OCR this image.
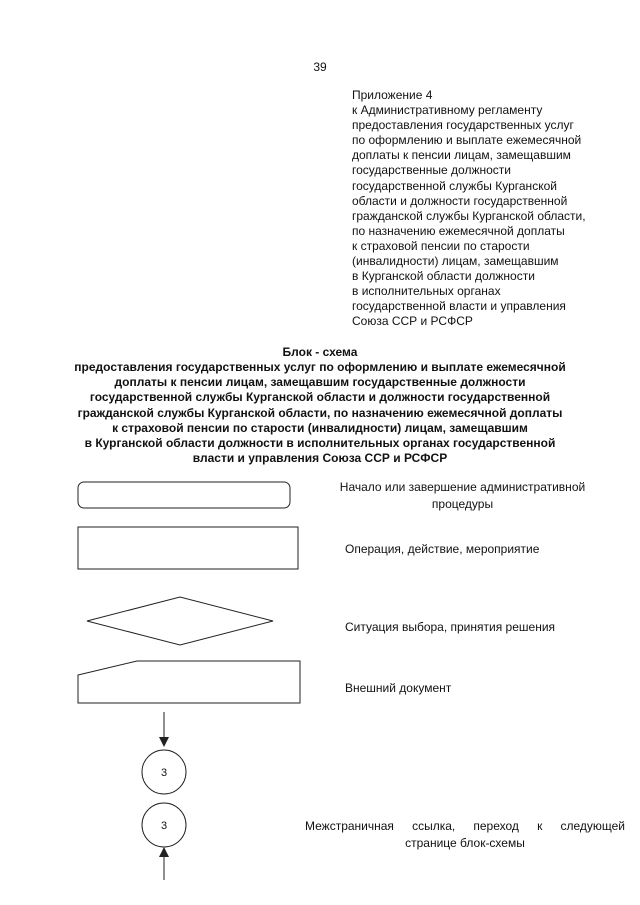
39
Приложение 4
к Административному регламенту
предоставления государственных услуг
по оформлению и выплате ежемесячной
доплаты к пенсии лицам, замещавшим
государственные должности
государственной службы Курганской
области и должности государственной
гражданской службы Курганской области,
по назначению ежемесячной доплаты
к страховой пенсии по старости
(инвалидности) лицам, замещавшим
в Курганской области должности
в исполнительных органах
государственной власти и управления
Союза ССР и РСФСР
Блок - схема
предоставления государственных услуг по оформлению и выплате ежемесячной
доплаты к пенсии лицам, замещавшим государственные должности
государственной службы Курганской области и должности государственной
гражданской службы Курганской области, по назначению ежемесячной доплаты
к страховой пенсии по старости (инвалидности) лицам, замещавшим
в Курганской области должности в исполнительных органах государственной
власти и управления Союза ССР и РСФСР
3
3
Начало или завершение административной
процедуры
Операция, действие, мероприятие
Ситуация выбора, принятия решения
Внешний документ
Межстраничная ссылка, переход к следующей
странице блок-схемы
